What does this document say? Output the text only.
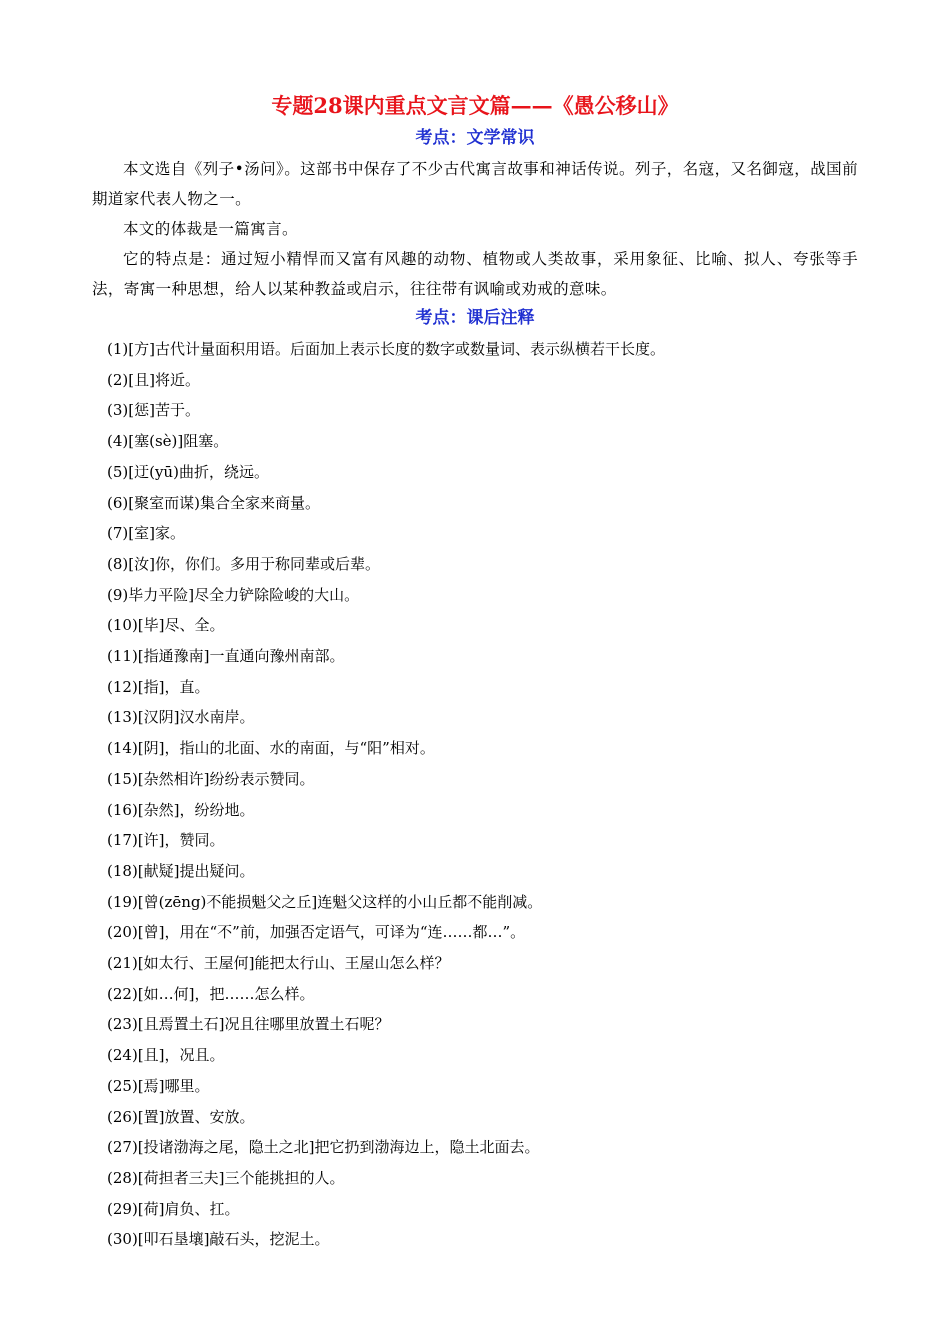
专题28课内重点文言文篇——《愚公移山》
考点：文学常识

本文选自《列子•汤问》。这部书中保存了不少古代寓言故事和神话传说。列子，名寇，又名御寇，战国前期道家代表人物之一。

本文的体裁是一篇寓言。

它的特点是：通过短小精悍而又富有风趣的动物、植物或人类故事，采用象征、比喻、拟人、夸张等手法，寄寓一种思想，给人以某种教益或启示，往往带有讽喻或劝戒的意味。

考点：课后注释
(1)[方]古代计量面积用语。后面加上表示长度的数字或数量词、表示纵横若干长度。
(2)[且]将近。
(3)[惩]苦于。
(4)[塞(sè)]阻塞。
(5)[迂(yū)曲折，绕远。
(6)[聚室而谋)集合全家来商量。
(7)[室]家。
(8)[汝]你，你们。多用于称同辈或后辈。
(9)毕力平险]尽全力铲除险峻的大山。
(10)[毕]尽、全。
(11)[指通豫南]一直通向豫州南部。
(12)[指]，直。
(13)[汉阴]汉水南岸。
(14)[阴]，指山的北面、水的南面，与“阳”相对。
(15)[杂然相许]纷纷表示赞同。
(16)[杂然]，纷纷地。
(17)[许]，赞同。
(18)[献疑]提出疑问。
(19)[曾(zēng)不能损魁父之丘]连魁父这样的小山丘都不能削减。
(20)[曾]，用在“不”前，加强否定语气，可译为“连……都…”。
(21)[如太行、王屋何]能把太行山、王屋山怎么样？
(22)[如…何]，把……怎么样。
(23)[且焉置土石]况且往哪里放置土石呢？
(24)[且]，况且。
(25)[焉]哪里。
(26)[置]放置、安放。
(27)[投诸渤海之尾，隐土之北]把它扔到渤海边上，隐土北面去。
(28)[荷担者三夫]三个能挑担的人。
(29)[荷]肩负、扛。
(30)[叩石垦壤]敲石头，挖泥土。
